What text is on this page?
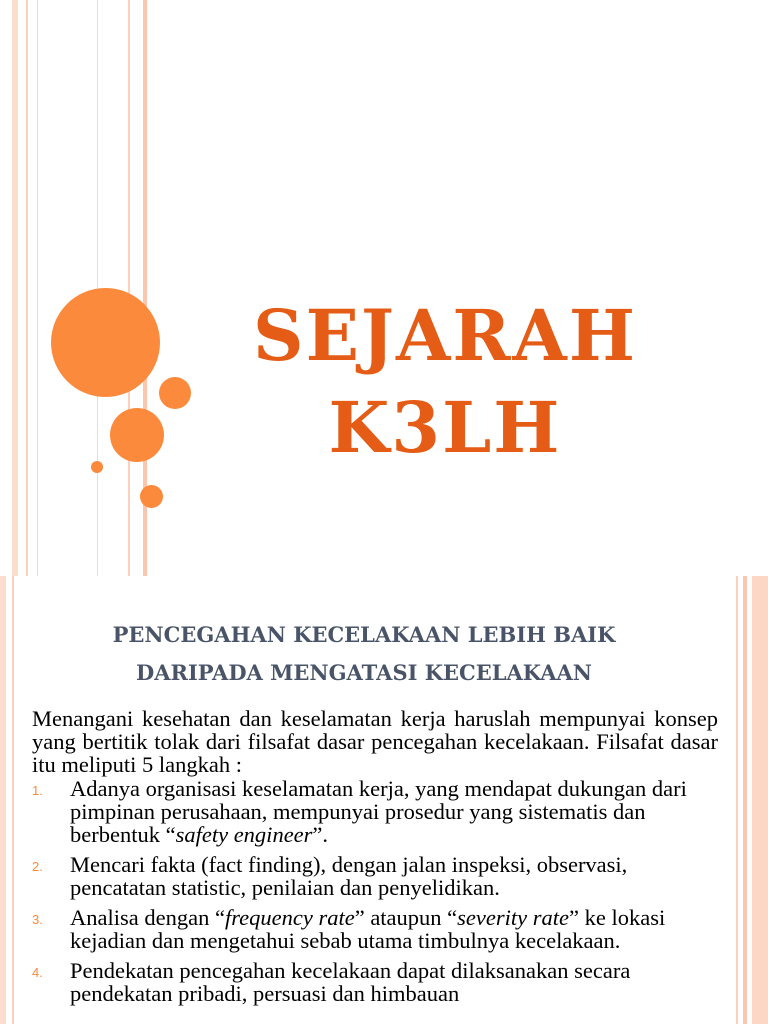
SEJARAH
K3LH
PENCEGAHAN KECELAKAAN LEBIH BAIK
DARIPADA MENGATASI KECELAKAAN

Menangani kesehatan dan keselamatan kerja haruslah mempunyai konsep yang bertitik tolak dari filsafat dasar pencegahan kecelakaan. Filsafat dasar itu meliputi 5 langkah :

1. Adanya organisasi keselamatan kerja, yang mendapat dukungan dari pimpinan perusahaan, mempunyai prosedur yang sistematis dan berbentuk “safety engineer”.
2. Mencari fakta (fact finding), dengan jalan inspeksi, observasi, pencatatan statistic, penilaian dan penyelidikan.
3. Analisa dengan “frequency rate” ataupun “severity rate” ke lokasi kejadian dan mengetahui sebab utama timbulnya kecelakaan.
4. Pendekatan pencegahan kecelakaan dapat dilaksanakan secara pendekatan pribadi, persuasi dan himbauan
